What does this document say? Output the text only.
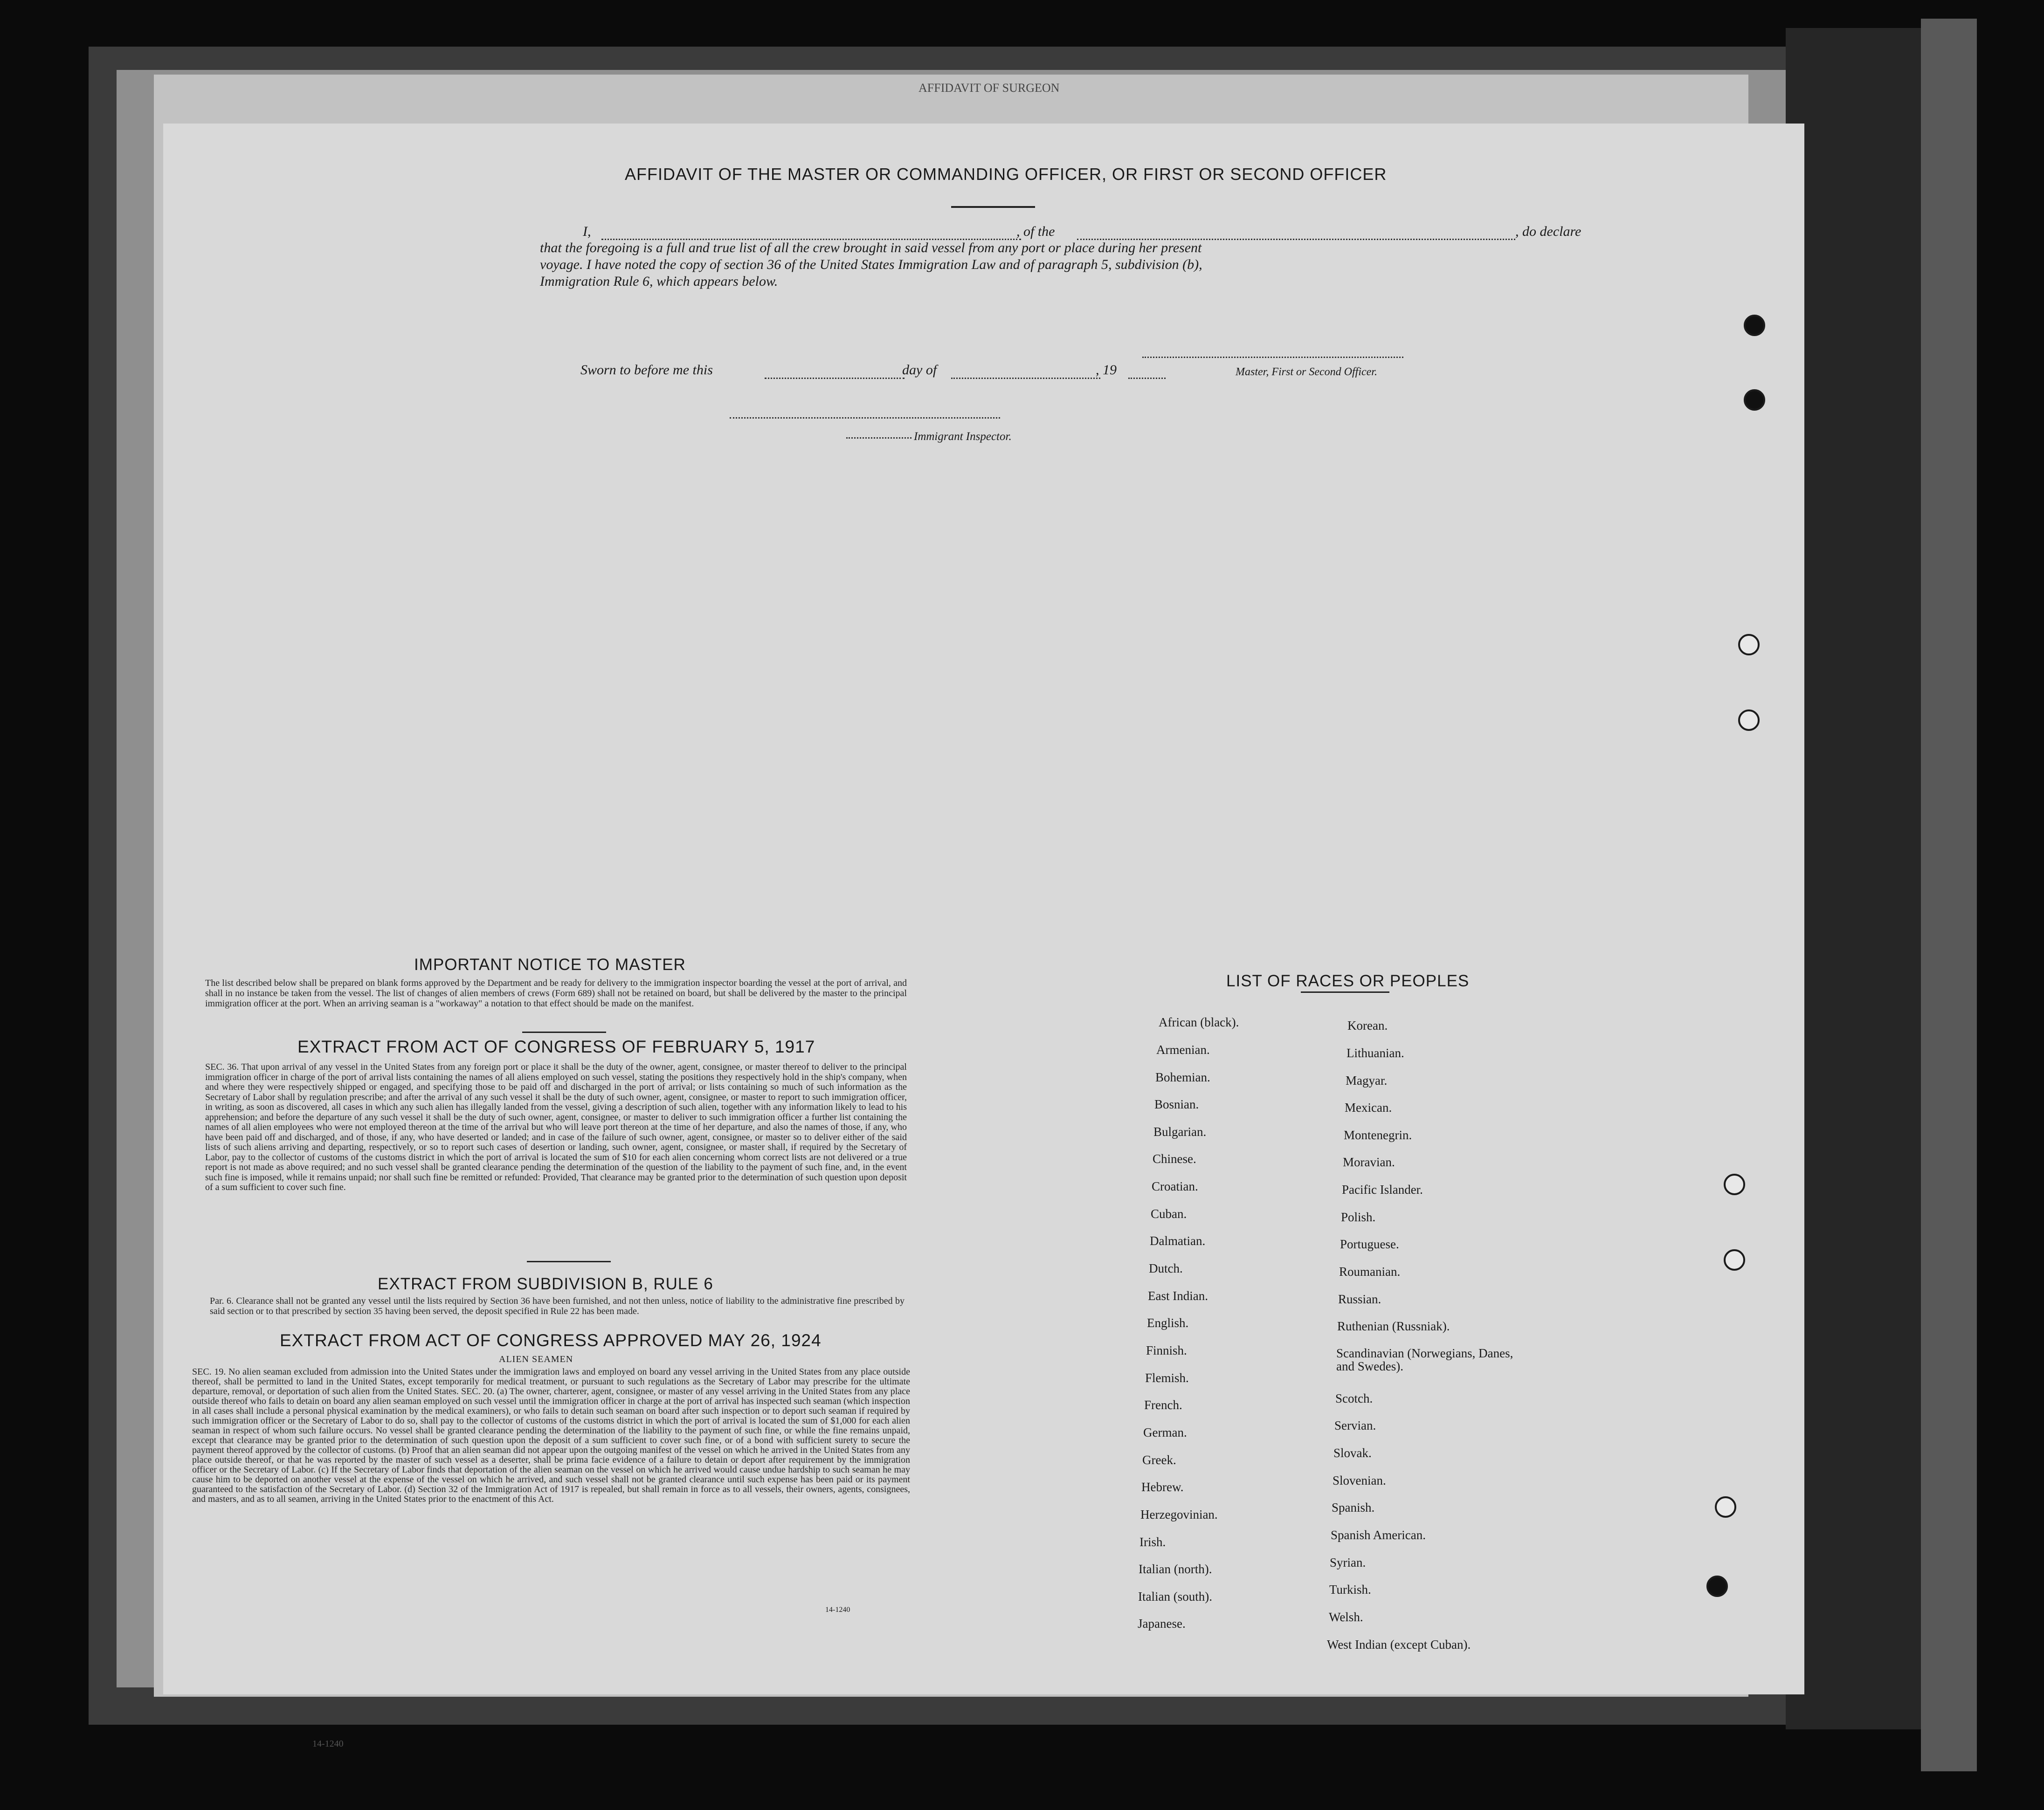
AFFIDAVIT OF SURGEON
AFFIDAVIT OF THE MASTER OR COMMANDING OFFICER, OR FIRST OR SECOND OFFICER
I,	, of the	, do declare
that the foregoing is a full and true list of all the crew brought in said vessel from any port or place during her present
voyage. I have noted the copy of section 36 of the United States Immigration Law and of paragraph 5, subdivision (b),
Immigration Rule 6, which appears below.
Sworn to before me this	day of	, 19	Master, First or Second Officer.
Immigrant Inspector.
IMPORTANT NOTICE TO MASTER
The list described below shall be prepared on blank forms approved by the Department and be ready for delivery to the immigration inspector boarding the vessel at the port of arrival, and shall in no instance be taken from the vessel. The list of changes of alien members of crews (Form 689) shall not be retained on board, but shall be delivered by the master to the principal immigration officer at the port. When an arriving seaman is a "workaway" a notation to that effect should be made on the manifest.
EXTRACT FROM ACT OF CONGRESS OF FEBRUARY 5, 1917
SEC. 36. That upon arrival of any vessel in the United States from any foreign port or place it shall be the duty of the owner, agent, consignee, or master thereof to deliver to the principal immigration officer in charge of the port of arrival lists containing the names of all aliens employed on such vessel, stating the positions they respectively hold in the ship's company, when and where they were respectively shipped or engaged, and specifying those to be paid off and discharged in the port of arrival; or lists containing so much of such information as the Secretary of Labor shall by regulation prescribe; and after the arrival of any such vessel it shall be the duty of such owner, agent, consignee, or master to report to such immigration officer, in writing, as soon as discovered, all cases in which any such alien has illegally landed from the vessel, giving a description of such alien, together with any information likely to lead to his apprehension; and before the departure of any such vessel it shall be the duty of such owner, agent, consignee, or master to deliver to such immigration officer a further list containing the names of all alien employees who were not employed thereon at the time of the arrival but who will leave port thereon at the time of her departure, and also the names of those, if any, who have been paid off and discharged, and of those, if any, who have deserted or landed; and in case of the failure of such owner, agent, consignee, or master so to deliver either of the said lists of such aliens arriving and departing, respectively, or so to report such cases of desertion or landing, such owner, agent, consignee, or master shall, if required by the Secretary of Labor, pay to the collector of customs of the customs district in which the port of arrival is located the sum of $10 for each alien concerning whom correct lists are not delivered or a true report is not made as above required; and no such vessel shall be granted clearance pending the determination of the question of the liability to the payment of such fine, and, in the event such fine is imposed, while it remains unpaid; nor shall such fine be remitted or refunded: Provided, That clearance may be granted prior to the determination of such question upon deposit of a sum sufficient to cover such fine.
EXTRACT FROM SUBDIVISION B, RULE 6
Par. 6. Clearance shall not be granted any vessel until the lists required by Section 36 have been furnished, and not then unless, notice of liability to the administrative fine prescribed by said section or to that prescribed by section 35 having been served, the deposit specified in Rule 22 has been made.
EXTRACT FROM ACT OF CONGRESS APPROVED MAY 26, 1924
ALIEN SEAMEN
SEC. 19. No alien seaman excluded from admission into the United States under the immigration laws and employed on board any vessel arriving in the United States from any place outside thereof, shall be permitted to land in the United States, except temporarily for medical treatment, or pursuant to such regulations as the Secretary of Labor may prescribe for the ultimate departure, removal, or deportation of such alien from the United States. SEC. 20. (a) The owner, charterer, agent, consignee, or master of any vessel arriving in the United States from any place outside thereof who fails to detain on board any alien seaman employed on such vessel until the immigration officer in charge at the port of arrival has inspected such seaman (which inspection in all cases shall include a personal physical examination by the medical examiners), or who fails to detain such seaman on board after such inspection or to deport such seaman if required by such immigration officer or the Secretary of Labor to do so, shall pay to the collector of customs of the customs district in which the port of arrival is located the sum of $1,000 for each alien seaman in respect of whom such failure occurs. No vessel shall be granted clearance pending the determination of the liability to the payment of such fine, or while the fine remains unpaid, except that clearance may be granted prior to the determination of such question upon the deposit of a sum sufficient to cover such fine, or of a bond with sufficient surety to secure the payment thereof approved by the collector of customs. (b) Proof that an alien seaman did not appear upon the outgoing manifest of the vessel on which he arrived in the United States from any place outside thereof, or that he was reported by the master of such vessel as a deserter, shall be prima facie evidence of a failure to detain or deport after requirement by the immigration officer or the Secretary of Labor. (c) If the Secretary of Labor finds that deportation of the alien seaman on the vessel on which he arrived would cause undue hardship to such seaman he may cause him to be deported on another vessel at the expense of the vessel on which he arrived, and such vessel shall not be granted clearance until such expense has been paid or its payment guaranteed to the satisfaction of the Secretary of Labor. (d) Section 32 of the Immigration Act of 1917 is repealed, but shall remain in force as to all vessels, their owners, agents, consignees, and masters, and as to all seamen, arriving in the United States prior to the enactment of this Act.
14-1240
LIST OF RACES OR PEOPLES
African (black).
Armenian.
Bohemian.
Bosnian.
Bulgarian.
Chinese.
Croatian.
Cuban.
Dalmatian.
Dutch.
East Indian.
English.
Finnish.
Flemish.
French.
German.
Greek.
Hebrew.
Herzegovinian.
Irish.
Italian (north).
Italian (south).
Japanese.
Korean.
Lithuanian.
Magyar.
Mexican.
Montenegrin.
Moravian.
Pacific Islander.
Polish.
Portuguese.
Roumanian.
Russian.
Ruthenian (Russniak).
Scandinavian (Norwegians, Danes, and Swedes).
Scotch.
Servian.
Slovak.
Slovenian.
Spanish.
Spanish American.
Syrian.
Turkish.
Welsh.
West Indian (except Cuban).
14-1240
